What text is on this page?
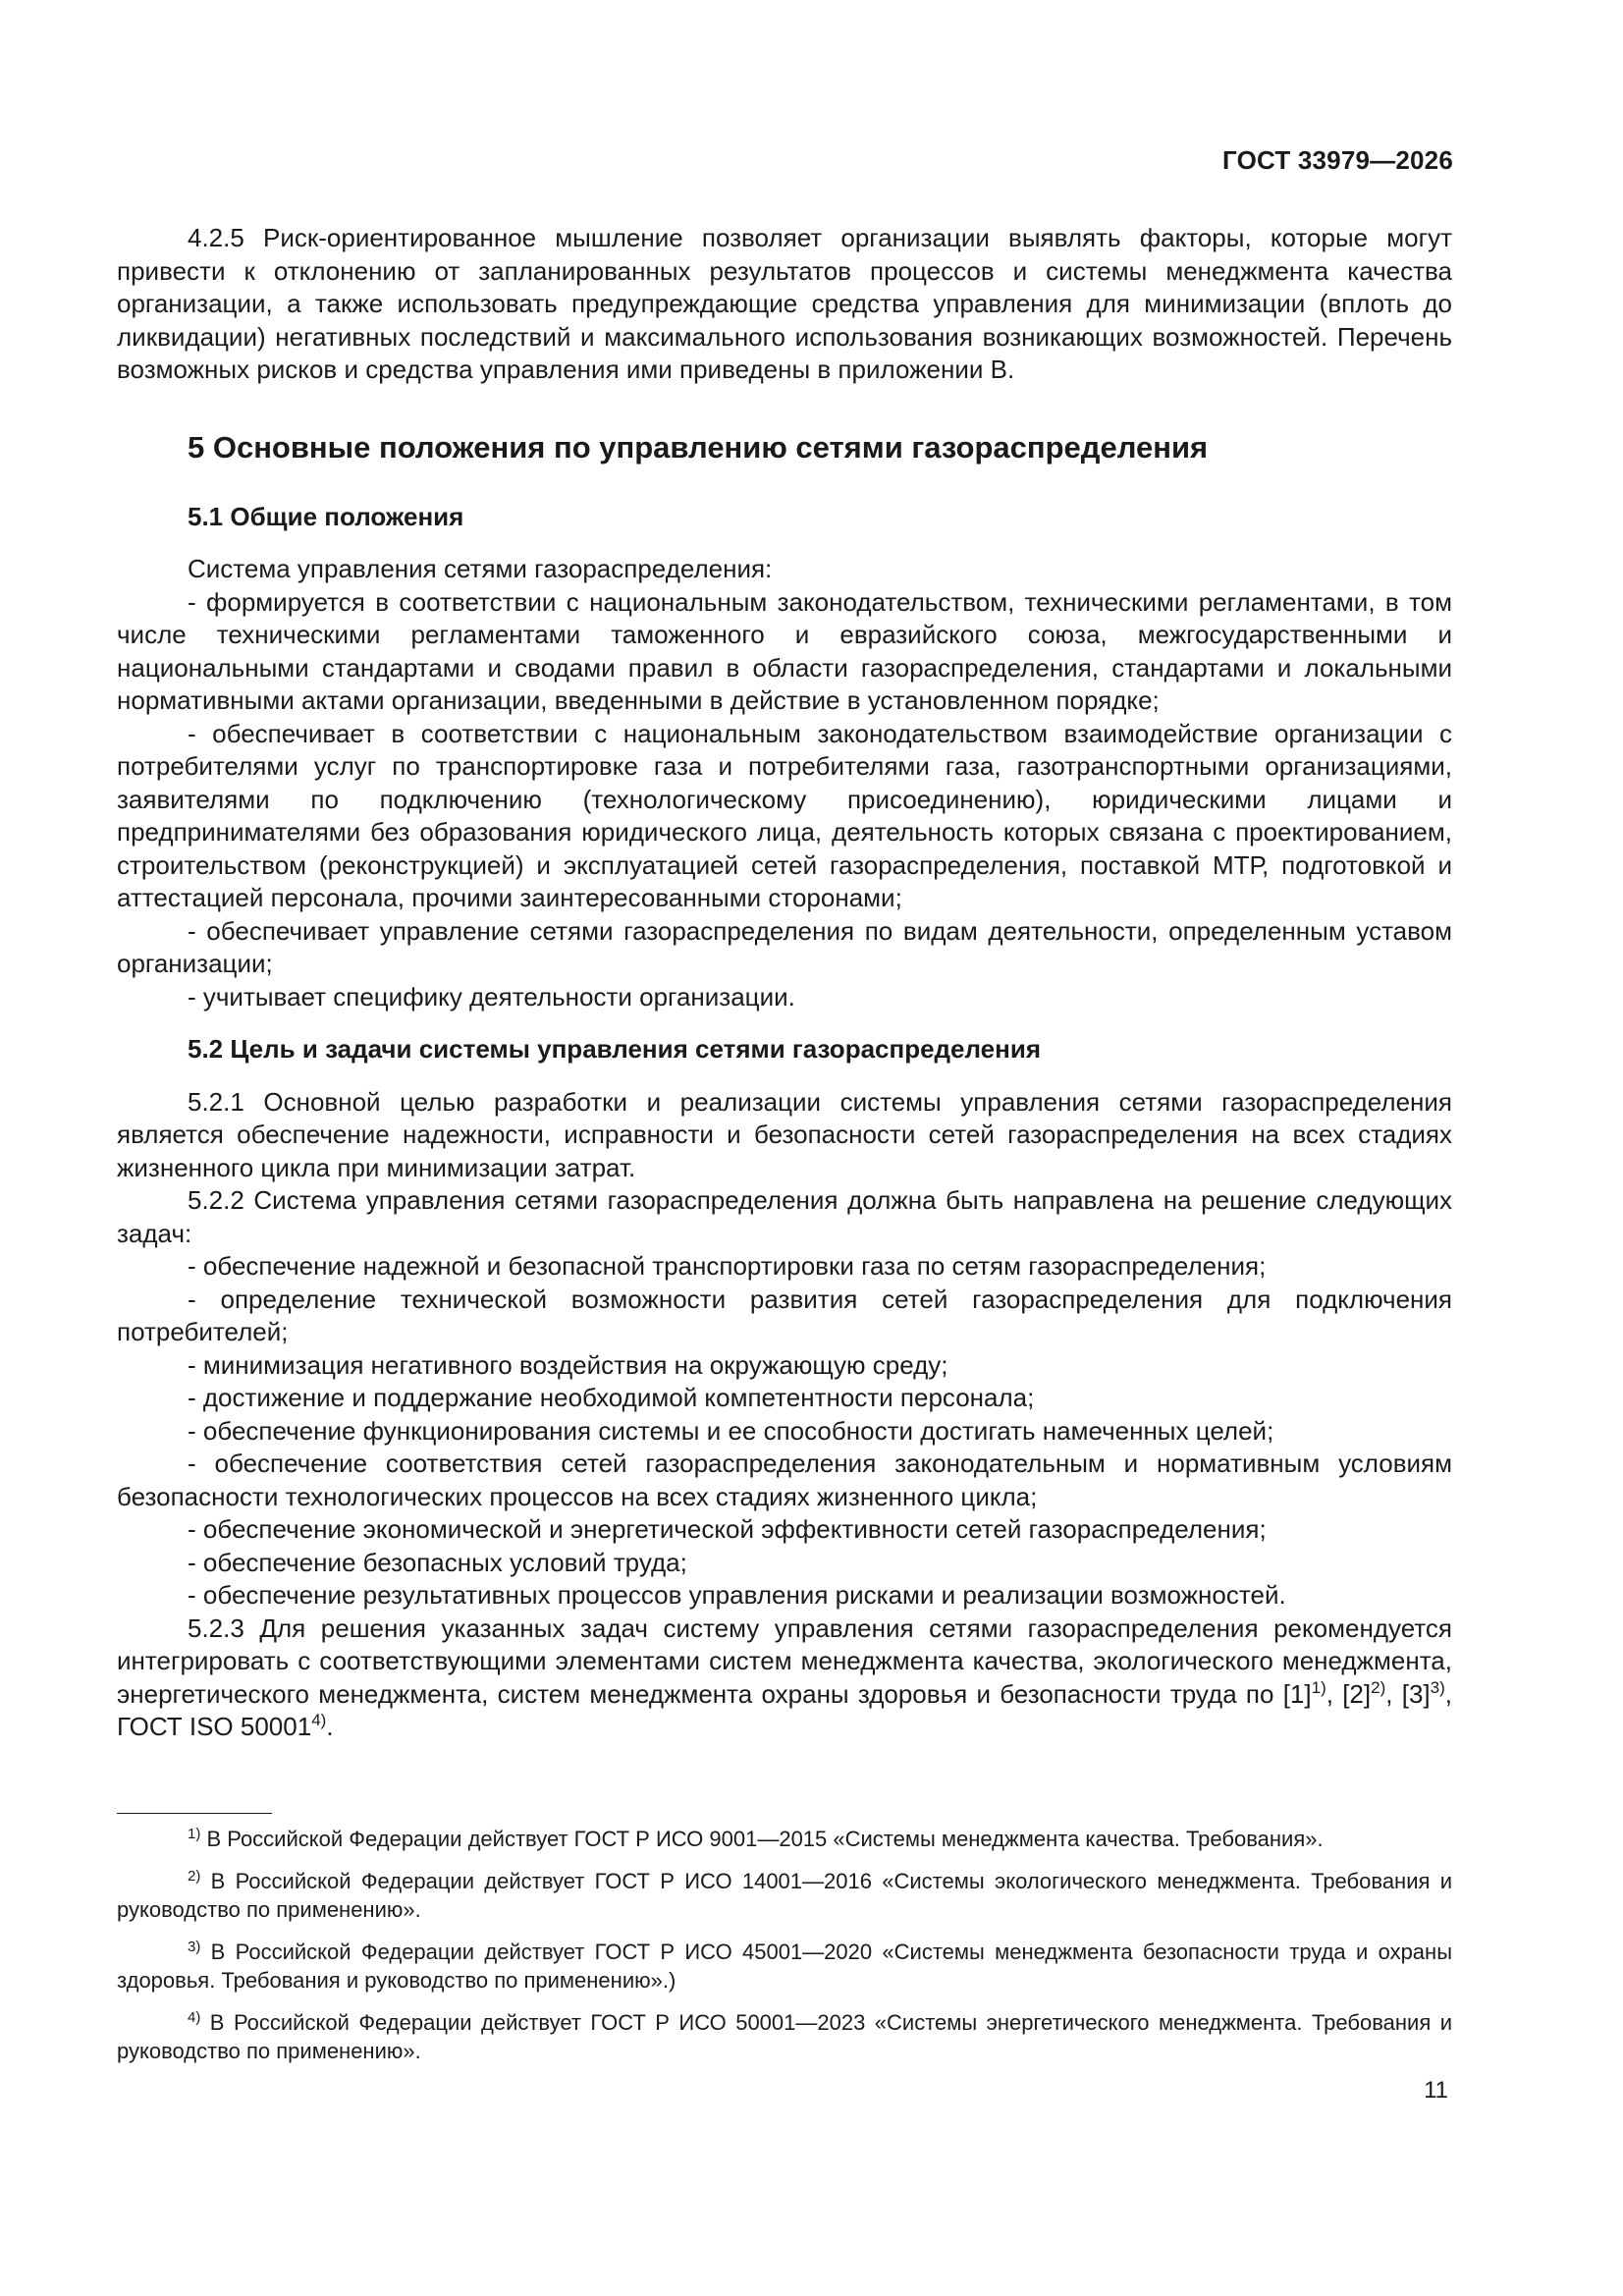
ГОСТ 33979—2026

4.2.5 Риск-ориентированное мышление позволяет организации выявлять факторы, которые могут привести к отклонению от запланированных результатов процессов и системы менеджмента качества организации, а также использовать предупреждающие средства управления для минимизации (вплоть до ликвидации) негативных последствий и максимального использования возникающих возможностей. Перечень возможных рисков и средства управления ими приведены в приложении В.

5 Основные положения по управлению сетями газораспределения
5.1 Общие положения

Система управления сетями газораспределения:

- формируется в соответствии с национальным законодательством, техническими регламентами, в том числе техническими регламентами таможенного и евразийского союза, межгосударственными и национальными стандартами и сводами правил в области газораспределения, стандартами и локальными нормативными актами организации, введенными в действие в установленном порядке;

- обеспечивает в соответствии с национальным законодательством взаимодействие организации с потребителями услуг по транспортировке газа и потребителями газа, газотранспортными организациями, заявителями по подключению (технологическому присоединению), юридическими лицами и предпринимателями без образования юридического лица, деятельность которых связана с проектированием, строительством (реконструкцией) и эксплуатацией сетей газораспределения, поставкой МТР, подготовкой и аттестацией персонала, прочими заинтересованными сторонами;

- обеспечивает управление сетями газораспределения по видам деятельности, определенным уставом организации;

- учитывает специфику деятельности организации.

5.2 Цель и задачи системы управления сетями газораспределения

5.2.1 Основной целью разработки и реализации системы управления сетями газораспределения является обеспечение надежности, исправности и безопасности сетей газораспределения на всех стадиях жизненного цикла при минимизации затрат.

5.2.2 Система управления сетями газораспределения должна быть направлена на решение следующих задач:

- обеспечение надежной и безопасной транспортировки газа по сетям газораспределения;

- определение технической возможности развития сетей газораспределения для подключения потребителей;

- минимизация негативного воздействия на окружающую среду;

- достижение и поддержание необходимой компетентности персонала;

- обеспечение функционирования системы и ее способности достигать намеченных целей;

- обеспечение соответствия сетей газораспределения законодательным и нормативным условиям безопасности технологических процессов на всех стадиях жизненного цикла;

- обеспечение экономической и энергетической эффективности сетей газораспределения;

- обеспечение безопасных условий труда;

- обеспечение результативных процессов управления рисками и реализации возможностей.

5.2.3 Для решения указанных задач систему управления сетями газораспределения рекомендуется интегрировать с соответствующими элементами систем менеджмента качества, экологического менеджмента, энергетического менеджмента, систем менеджмента охраны здоровья и безопасности труда по $[1]^{1)}$, $[2]^{2)}$, $[3]^{3)}$, ГОСТ ISO 50001$^{4)}$.

$^{1)}$ В Российской Федерации действует ГОСТ Р ИСО 9001—2015 «Системы менеджмента качества. Требования».

$^{2)}$ В Российской Федерации действует ГОСТ Р ИСО 14001—2016 «Системы экологического менеджмента. Требования и руководство по применению».

$^{3)}$ В Российской Федерации действует ГОСТ Р ИСО 45001—2020 «Системы менеджмента безопасности труда и охраны здоровья. Требования и руководство по применению».)

$^{4)}$ В Российской Федерации действует ГОСТ Р ИСО 50001—2023 «Системы энергетического менеджмента. Требования и руководство по применению».

11
